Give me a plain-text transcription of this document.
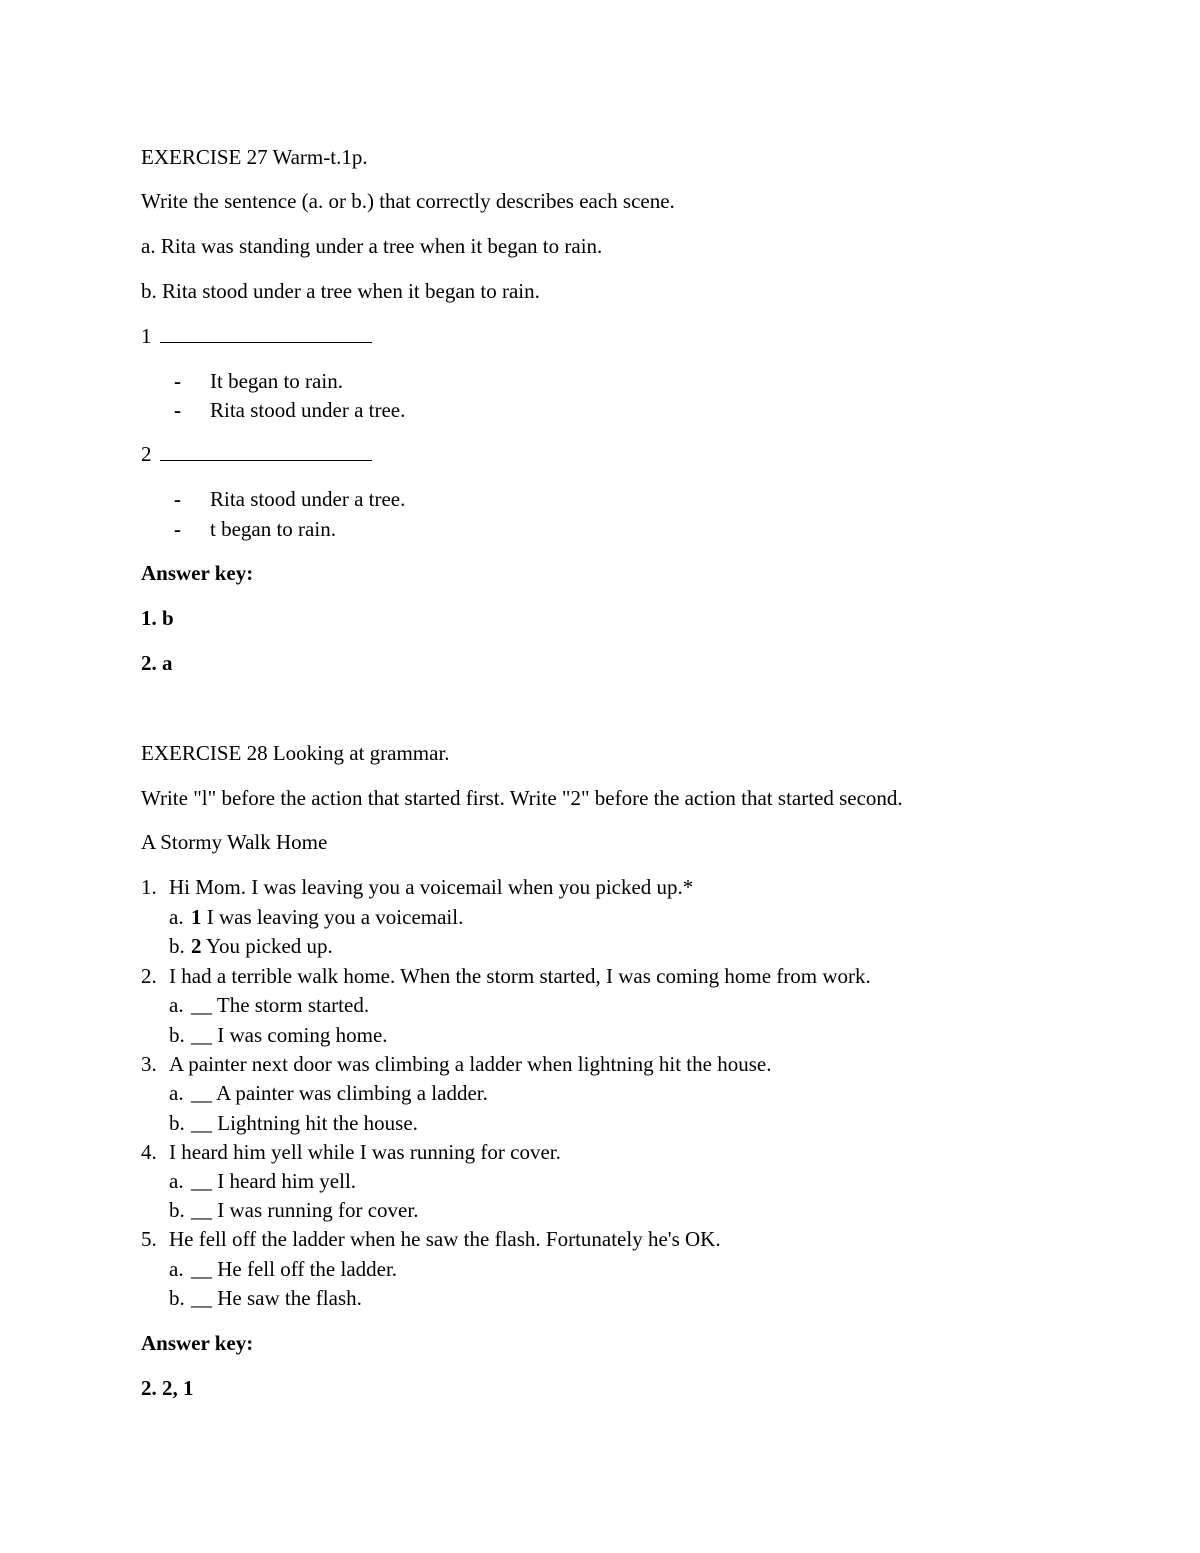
EXERCISE 27 Warm-t.1p.
Write the sentence (a. or b.) that correctly describes each scene.
a. Rita was standing under a tree when it began to rain.
b. Rita stood under a tree when it began to rain.
1
- It began to rain.
- Rita stood under a tree.
2
- Rita stood under a tree.
- t began to rain.
Answer key:
1. b
2. a
EXERCISE 28 Looking at grammar.
Write "l" before the action that started first. Write "2" before the action that started second.
A Stormy Walk Home
1. Hi Mom. I was leaving you a voicemail when you picked up.*
a. 1 I was leaving you a voicemail.
b. 2 You picked up.
2. I had a terrible walk home. When the storm started, I was coming home from work.
a. __ The storm started.
b. __ I was coming home.
3. A painter next door was climbing a ladder when lightning hit the house.
a. __ A painter was climbing a ladder.
b. __ Lightning hit the house.
4. I heard him yell while I was running for cover.
a. __ I heard him yell.
b. __ I was running for cover.
5. He fell off the ladder when he saw the flash. Fortunately he's OK.
a. __ He fell off the ladder.
b. __ He saw the flash.
Answer key:
2. 2, 1
